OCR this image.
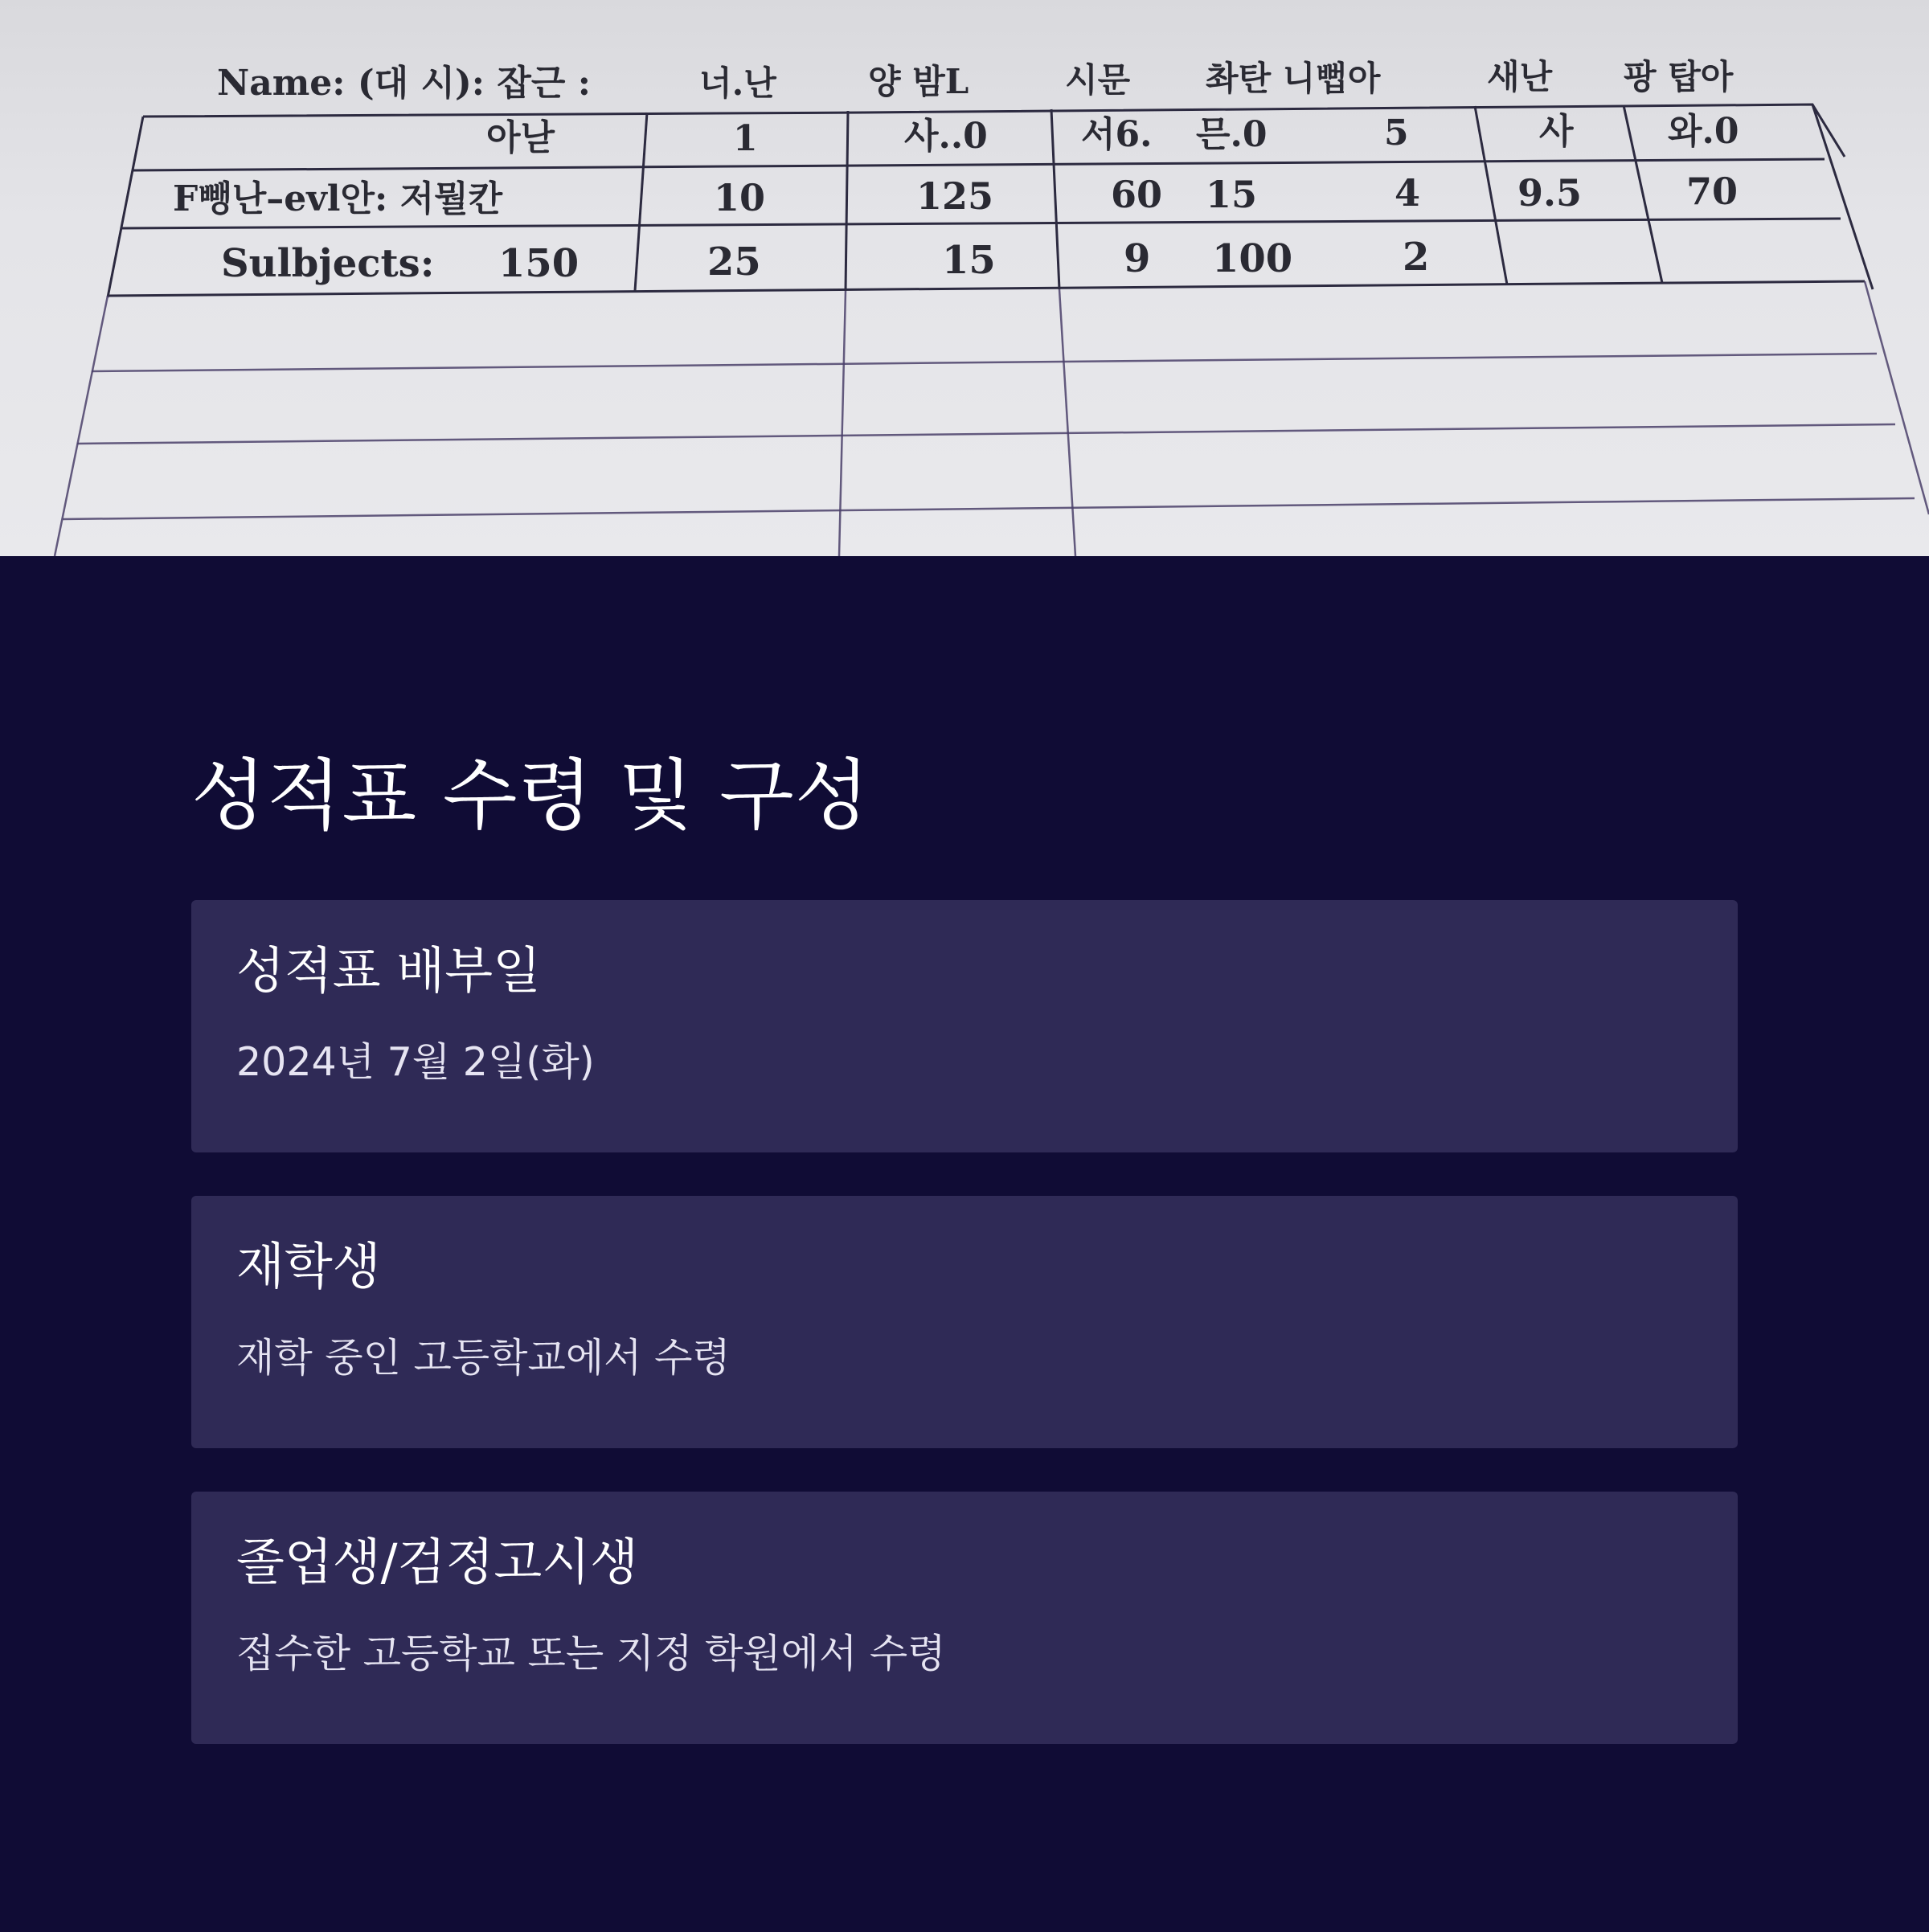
Name: (대 시): 잡근 :	너.난	양 밤L	시문 촤탄 니뻡아	새난 팡 탑아
아낟	1	사..0	서6. 믄.0	5	사	와.0
F뺑난–evl안: 저뭘칸	10	125	60 15	4	9.5	70
Sulbjects: 150	25	15	9 100	2
성적표 수령 및 구성
성적표 배부일

2024년 7월 2일(화)

재학생

재학 중인 고등학교에서 수령

졸업생/검정고시생

접수한 고등학교 또는 지정 학원에서 수령
